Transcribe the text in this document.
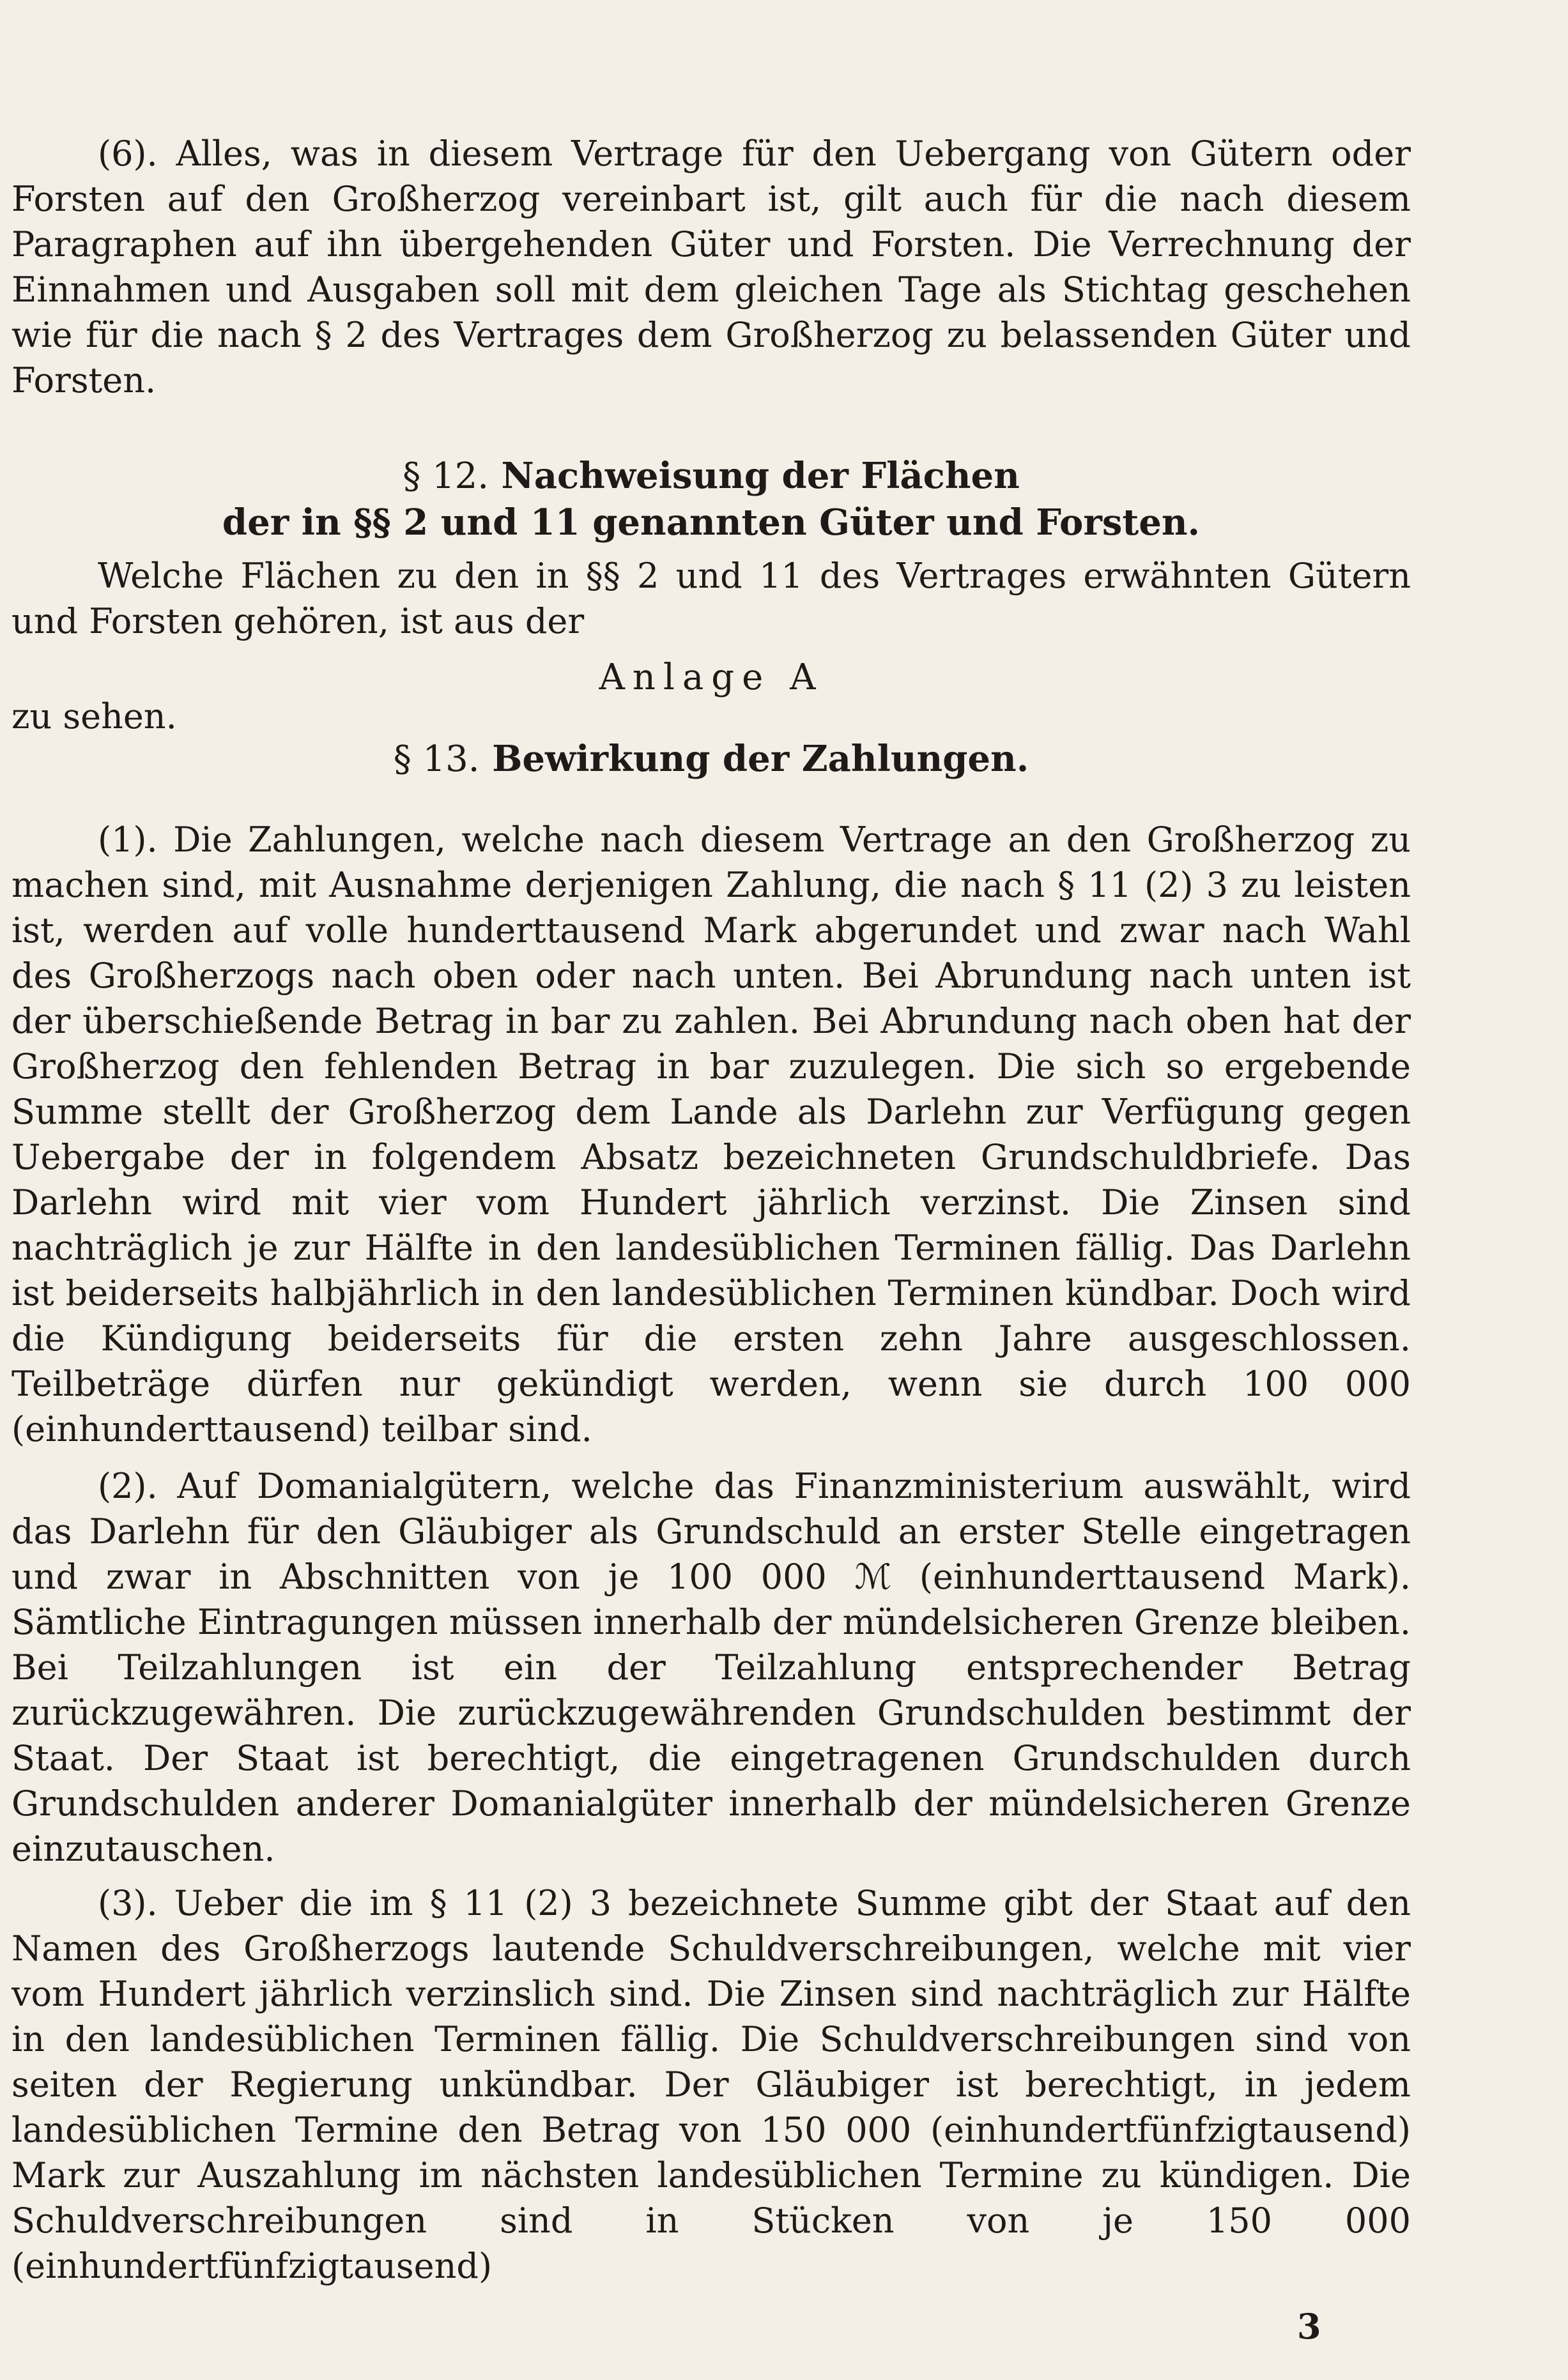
(6). Alles, was in diesem Vertrage für den Uebergang von Gütern oder Forsten auf den Großherzog vereinbart ist, gilt auch für die nach diesem Paragraphen auf ihn übergehenden Güter und Forsten. Die Verrechnung der Einnahmen und Ausgaben soll mit dem gleichen Tage als Stichtag geschehen wie für die nach § 2 des Vertrages dem Großherzog zu belassenden Güter und Forsten.

§ 12. Nachweisung der Flächen

der in §§ 2 und 11 genannten Güter und Forsten.

Welche Flächen zu den in §§ 2 und 11 des Vertrages erwähnten Gütern und Forsten gehören, ist aus der

Anlage A

zu sehen.

§ 13. Bewirkung der Zahlungen.

(1). Die Zahlungen, welche nach diesem Vertrage an den Großherzog zu machen sind, mit Ausnahme derjenigen Zahlung, die nach § 11 (2) 3 zu leisten ist, werden auf volle hunderttausend Mark abgerundet und zwar nach Wahl des Großherzogs nach oben oder nach unten. Bei Abrundung nach unten ist der überschießende Betrag in bar zu zahlen. Bei Abrundung nach oben hat der Großherzog den fehlenden Betrag in bar zuzulegen. Die sich so ergebende Summe stellt der Großherzog dem Lande als Darlehn zur Verfügung gegen Uebergabe der in folgendem Absatz bezeichneten Grundschuldbriefe. Das Darlehn wird mit vier vom Hundert jährlich verzinst. Die Zinsen sind nachträglich je zur Hälfte in den landesüblichen Terminen fällig. Das Darlehn ist beiderseits halbjährlich in den landesüblichen Terminen kündbar. Doch wird die Kündigung beiderseits für die ersten zehn Jahre ausgeschlossen. Teilbeträge dürfen nur gekündigt werden, wenn sie durch 100 000 (einhunderttausend) teilbar sind.

(2). Auf Domanialgütern, welche das Finanzministerium auswählt, wird das Darlehn für den Gläubiger als Grundschuld an erster Stelle eingetragen und zwar in Abschnitten von je 100 000 ℳ (einhunderttausend Mark). Sämtliche Eintragungen müssen innerhalb der mündelsicheren Grenze bleiben. Bei Teilzahlungen ist ein der Teilzahlung entsprechender Betrag zurückzugewähren. Die zurückzugewährenden Grundschulden bestimmt der Staat. Der Staat ist berechtigt, die eingetragenen Grundschulden durch Grundschulden anderer Domanialgüter innerhalb der mündelsicheren Grenze einzutauschen.

(3). Ueber die im § 11 (2) 3 bezeichnete Summe gibt der Staat auf den Namen des Großherzogs lautende Schuldverschreibungen, welche mit vier vom Hundert jährlich verzinslich sind. Die Zinsen sind nachträglich zur Hälfte in den landesüblichen Terminen fällig. Die Schuldverschreibungen sind von seiten der Regierung unkündbar. Der Gläubiger ist berechtigt, in jedem landesüblichen Termine den Betrag von 150 000 (einhundertfünfzigtausend) Mark zur Auszahlung im nächsten landesüblichen Termine zu kündigen. Die Schuldverschreibungen sind in Stücken von je 150 000 (einhundertfünfzigtausend)

3
